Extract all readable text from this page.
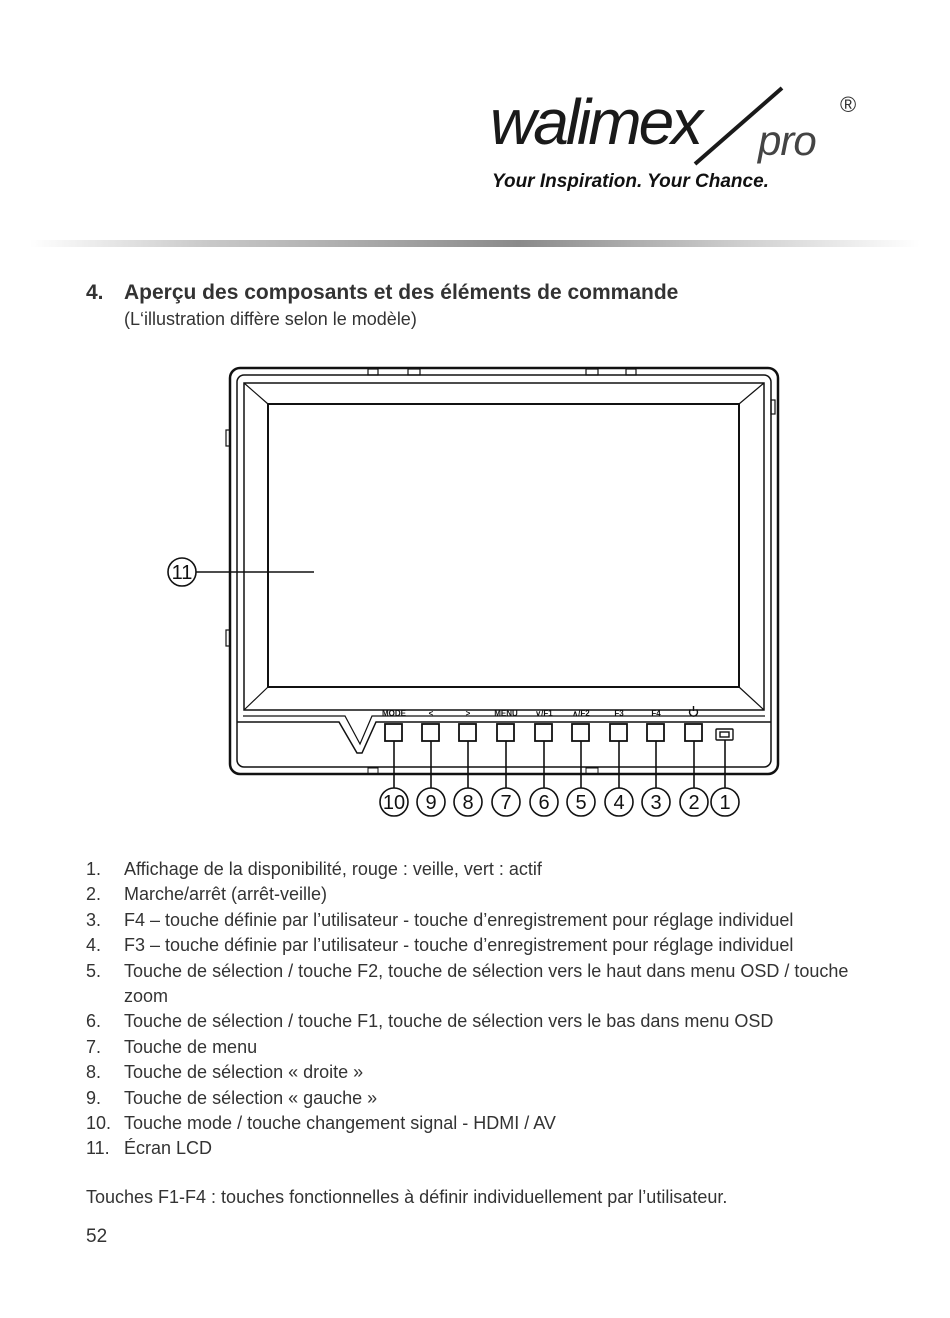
walimex pro
®
Your Inspiration. Your Chance.
4. Aperçu des composants et des éléments de commande
(L‘illustration diffère selon le modèle)
11
MODE	<	>	MENU ∨/F1 ∧/F2	F3	F4
10 9 8 7 6 5 4 3 2 1
1.	Affichage de la disponibilité, rouge : veille, vert : actif
2.	Marche/arrêt (arrêt-veille)
3.	F4 – touche définie par l’utilisateur - touche d’enregistrement pour réglage individuel
4.	F3 – touche définie par l’utilisateur - touche d’enregistrement pour réglage individuel
5.	Touche de sélection / touche F2, touche de sélection vers le haut dans menu OSD / touche zoom
6.	Touche de sélection / touche F1, touche de sélection vers le bas dans menu OSD
7.	Touche de menu
8.	Touche de sélection « droite »
9.	Touche de sélection « gauche »
10. Touche mode / touche changement signal - HDMI / AV
11. Écran LCD
Touches F1-F4 : touches fonctionnelles à définir individuellement par l’utilisateur.
52
